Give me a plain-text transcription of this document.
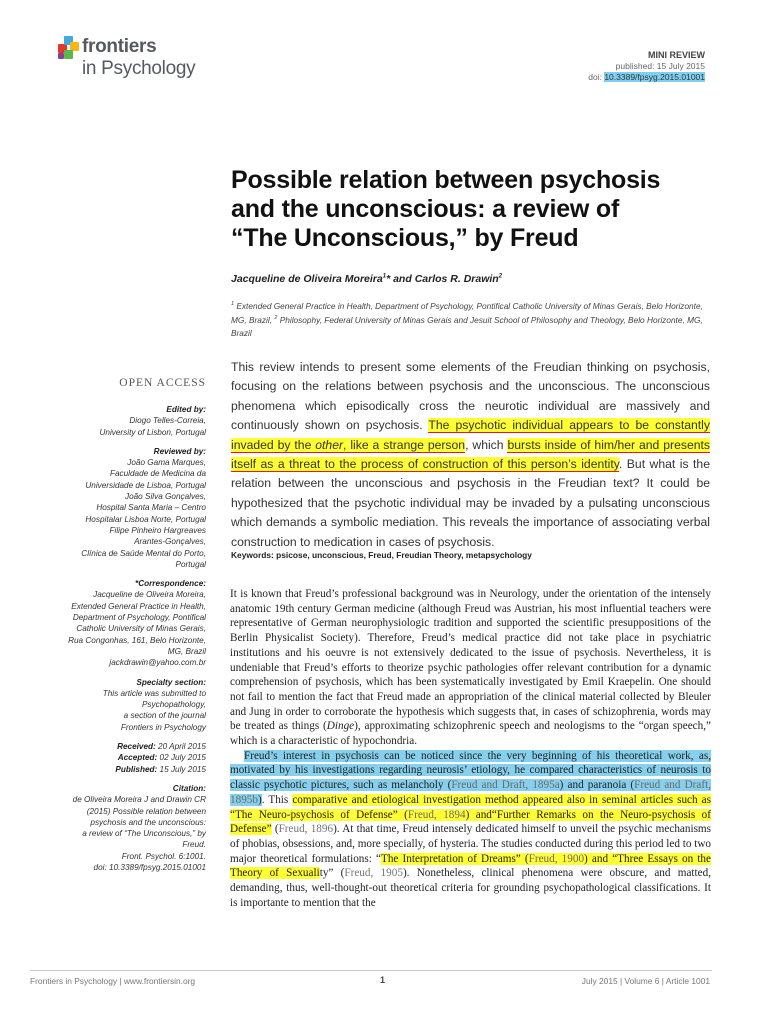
frontiers
in Psychology
MINI REVIEW
published: 15 July 2015
doi: 10.3389/fpsyg.2015.01001
Possible relation between psychosis
and the unconscious: a review of
“The Unconscious,” by Freud
Jacqueline de Oliveira Moreira$^1$* and Carlos R. Drawin$^2$
$^1$ Extended General Practice in Health, Department of Psychology, Pontifical Catholic University of Minas Gerais, Belo Horizonte, MG, Brazil, $^2$ Philosophy, Federal University of Minas Gerais and Jesuit School of Philosophy and Theology, Belo Horizonte, MG, Brazil
This review intends to present some elements of the Freudian thinking on psychosis, focusing on the relations between psychosis and the unconscious. The unconscious phenomena which episodically cross the neurotic individual are massively and continuously shown on psychosis. The psychotic individual appears to be constantly invaded by the other, like a strange person, which bursts inside of him/her and presents itself as a threat to the process of construction of this person’s identity. But what is the relation between the unconscious and psychosis in the Freudian text? It could be hypothesized that the psychotic individual may be invaded by a pulsating unconscious which demands a symbolic mediation. This reveals the importance of associating verbal construction to medication in cases of psychosis.
Keywords: psicose, unconscious, Freud, Freudian Theory, metapsychology
OPEN ACCESS
Edited by:
Diogo Telles-Correia,
University of Lisbon, Portugal
Reviewed by:
João Gama Marques,
Faculdade de Medicina da
Universidade de Lisboa, Portugal
João Silva Gonçalves,
Hospital Santa Maria – Centro
Hospitalar Lisboa Norte, Portugal
Filipe Pinheiro Hargreaves
Arantes-Gonçalves,
Clínica de Saúde Mental do Porto,
Portugal
*Correspondence:
Jacqueline de Oliveira Moreira,
Extended General Practice in Health,
Department of Psychology, Pontifical
Catholic University of Minas Gerais,
Rua Congonhas, 161, Belo Horizonte,
MG, Brazil
jackdrawin@yahoo.com.br
Specialty section:
This article was submitted to
Psychopathology,
a section of the journal
Frontiers in Psychology
Received: 20 April 2015
Accepted: 02 July 2015
Published: 15 July 2015
Citation:
de Oliveira Moreira J and Drawin CR
(2015) Possible relation between
psychosis and the unconscious:
a review of “The Unconscious,” by
Freud.
Front. Psychol. 6:1001.
doi: 10.3389/fpsyg.2015.01001

It is known that Freud’s professional background was in Neurology, under the orientation of the intensely anatomic 19th century German medicine (although Freud was Austrian, his most influential teachers were representative of German neurophysiologic tradition and supported the scientific presuppositions of the Berlin Physicalist Society). Therefore, Freud’s medical practice did not take place in psychiatric institutions and his oeuvre is not extensively dedicated to the issue of psychosis. Nevertheless, it is undeniable that Freud’s efforts to theorize psychic pathologies offer relevant contribution for a dynamic comprehension of psychosis, which has been systematically investigated by Emil Kraepelin. One should not fail to mention the fact that Freud made an appropriation of the clinical material collected by Bleuler and Jung in order to corroborate the hypothesis which suggests that, in cases of schizophrenia, words may be treated as things (Dinge), approximating schizophrenic speech and neologisms to the “organ speech,” which is a characteristic of hypochondria.

Freud’s interest in psychosis can be noticed since the very beginning of his theoretical work, as, motivated by his investigations regarding neurosis’ etiology, he compared characteristics of neurosis to classic psychotic pictures, such as melancholy (Freud and Draft, 1895a) and paranoia (Freud and Draft, 1895b). This comparative and etiological investigation method appeared also in seminal articles such as “The Neuro-psychosis of Defense” (Freud, 1894) and“Further Remarks on the Neuro-psychosis of Defense” (Freud, 1896). At that time, Freud intensely dedicated himself to unveil the psychic mechanisms of phobias, obsessions, and, more specially, of hysteria. The studies conducted during this period led to two major theoretical formulations: “The Interpretation of Dreams” (Freud, 1900) and “Three Essays on the Theory of Sexuality” (Freud, 1905). Nonetheless, clinical phenomena were obscure, and matted, demanding, thus, well-thought-out theoretical criteria for grounding psychopathological classifications. It is importante to mention that the

Frontiers in Psychology | www.frontiersin.org	1	July 2015 | Volume 6 | Article 1001
